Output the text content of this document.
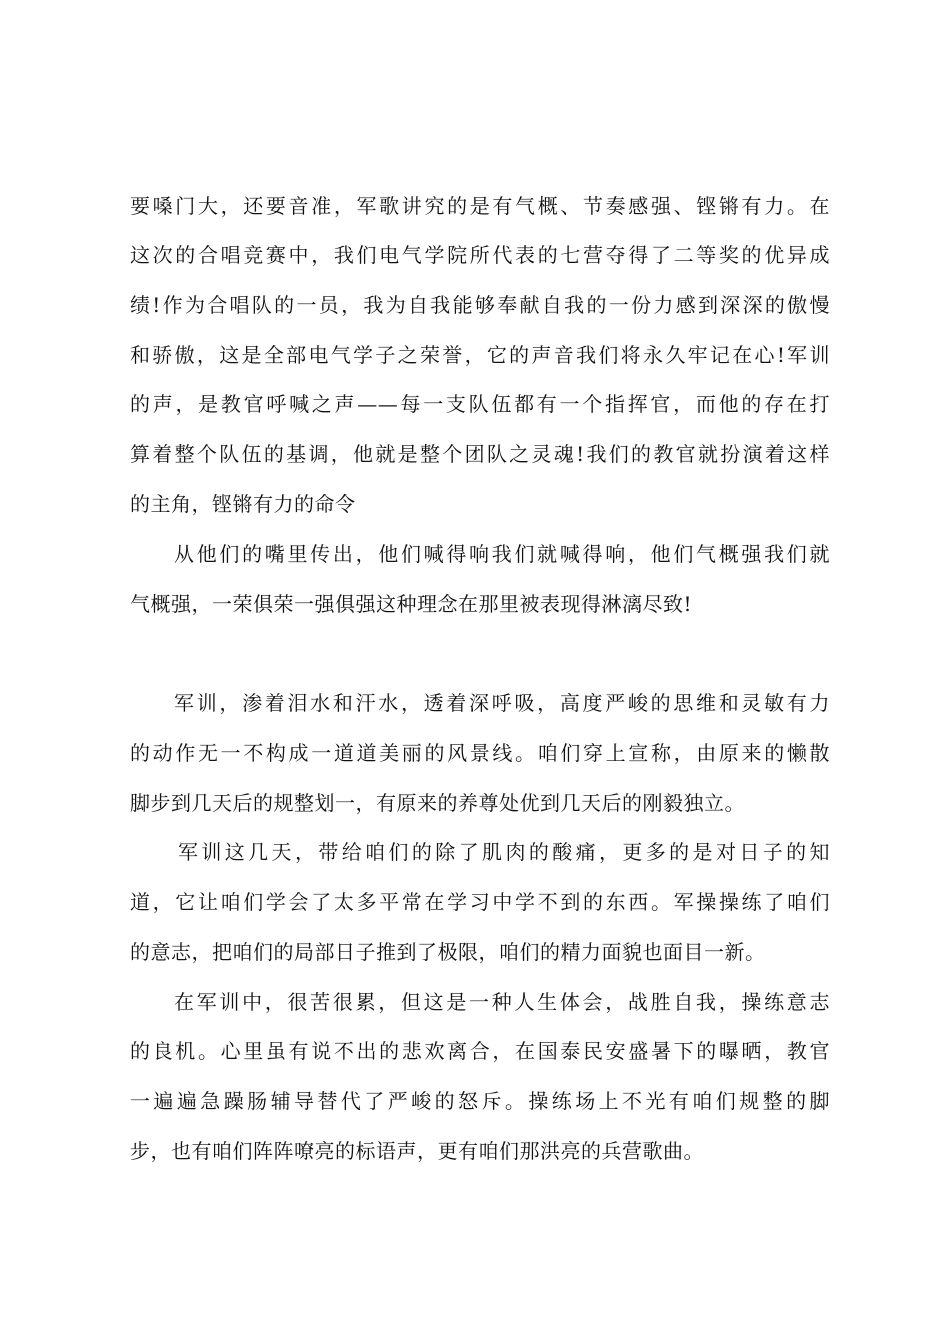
要嗓门大，还要音准，军歌讲究的是有气概、节奏感强、铿锵有力。在
这次的合唱竞赛中，我们电气学院所代表的七营夺得了二等奖的优异成
绩!作为合唱队的一员，我为自我能够奉献自我的一份力感到深深的傲慢
和骄傲，这是全部电气学子之荣誉，它的声音我们将永久牢记在心!军训
的声，是教官呼喊之声——每一支队伍都有一个指挥官，而他的存在打
算着整个队伍的基调，他就是整个团队之灵魂!我们的教官就扮演着这样
的主角，铿锵有力的命令
从他们的嘴里传出，他们喊得响我们就喊得响，他们气概强我们就
气概强，一荣俱荣一强俱强这种理念在那里被表现得淋漓尽致!
军训，渗着泪水和汗水，透着深呼吸，高度严峻的思维和灵敏有力
的动作无一不构成一道道美丽的风景线。咱们穿上宣称，由原来的懒散
脚步到几天后的规整划一，有原来的养尊处优到几天后的刚毅独立。
军训这几天，带给咱们的除了肌肉的酸痛，更多的是对日子的知
道，它让咱们学会了太多平常在学习中学不到的东西。军操操练了咱们
的意志，把咱们的局部日子推到了极限，咱们的精力面貌也面目一新。
在军训中，很苦很累，但这是一种人生体会，战胜自我，操练意志
的良机。心里虽有说不出的悲欢离合，在国泰民安盛暑下的曝晒，教官
一遍遍急躁肠辅导替代了严峻的怒斥。操练场上不光有咱们规整的脚
步，也有咱们阵阵嘹亮的标语声，更有咱们那洪亮的兵营歌曲。
